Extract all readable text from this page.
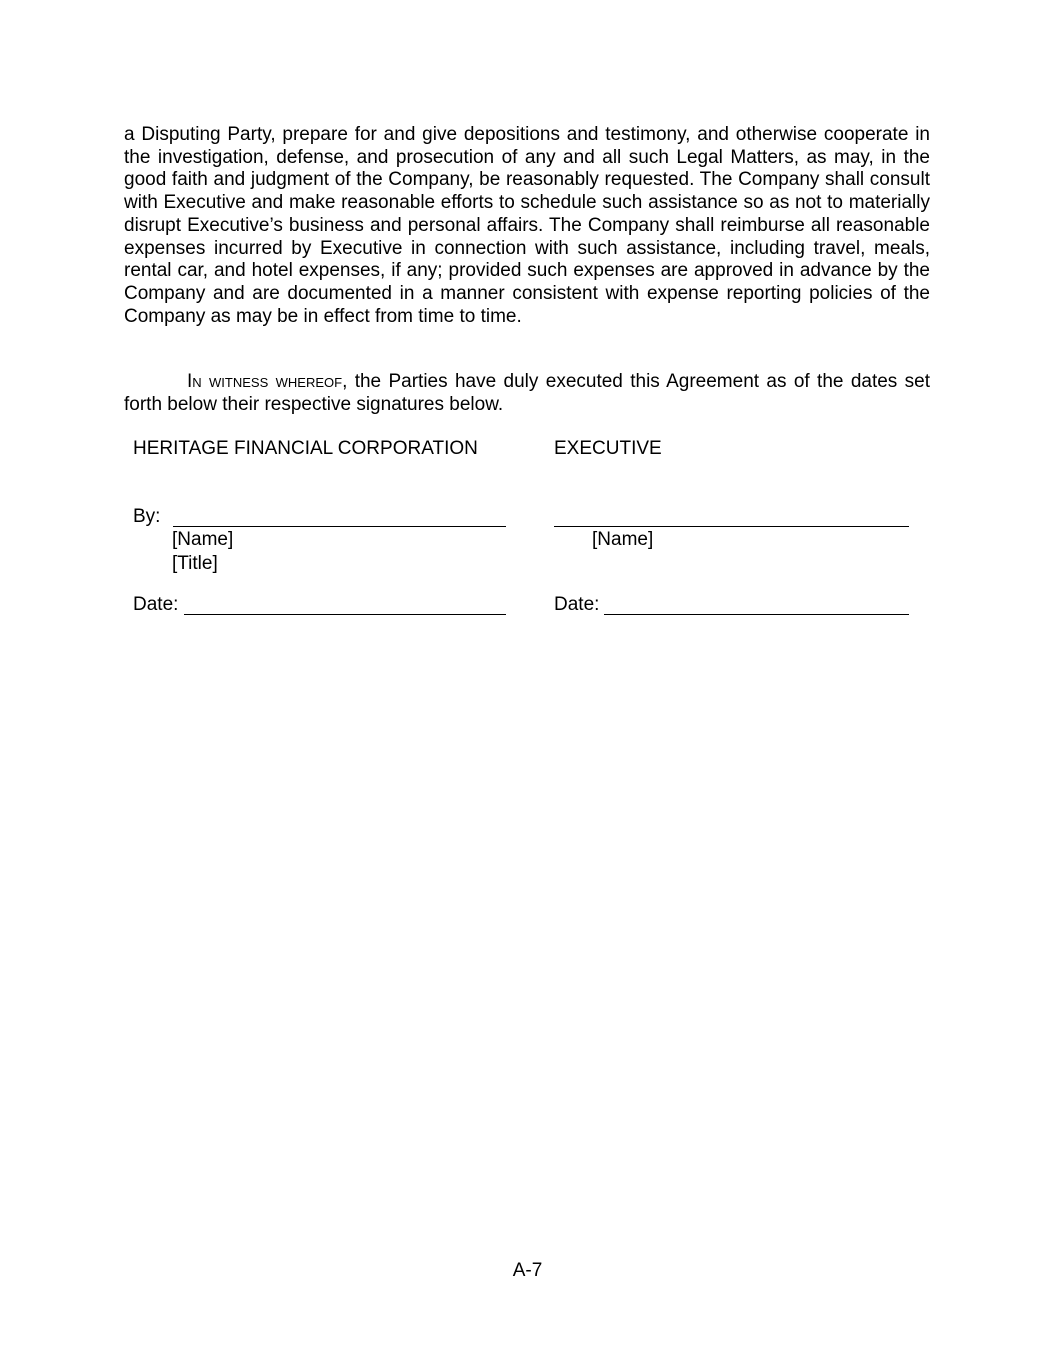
a Disputing Party, prepare for and give depositions and testimony, and otherwise cooperate in the investigation, defense, and prosecution of any and all such Legal Matters, as may, in the good faith and judgment of the Company, be reasonably requested. The Company shall consult with Executive and make reasonable efforts to schedule such assistance so as not to materially disrupt Executive’s business and personal affairs. The Company shall reimburse all reasonable expenses incurred by Executive in connection with such assistance, including travel, meals, rental car, and hotel expenses, if any; provided such expenses are approved in advance by the Company and are documented in a manner consistent with expense reporting policies of the Company as may be in effect from time to time.

In witness whereof, the Parties have duly executed this Agreement as of the dates set forth below their respective signatures below.

HERITAGE FINANCIAL CORPORATION
By:
[Name]
[Title]
Date:
EXECUTIVE
[Name]
Date:
A-7
